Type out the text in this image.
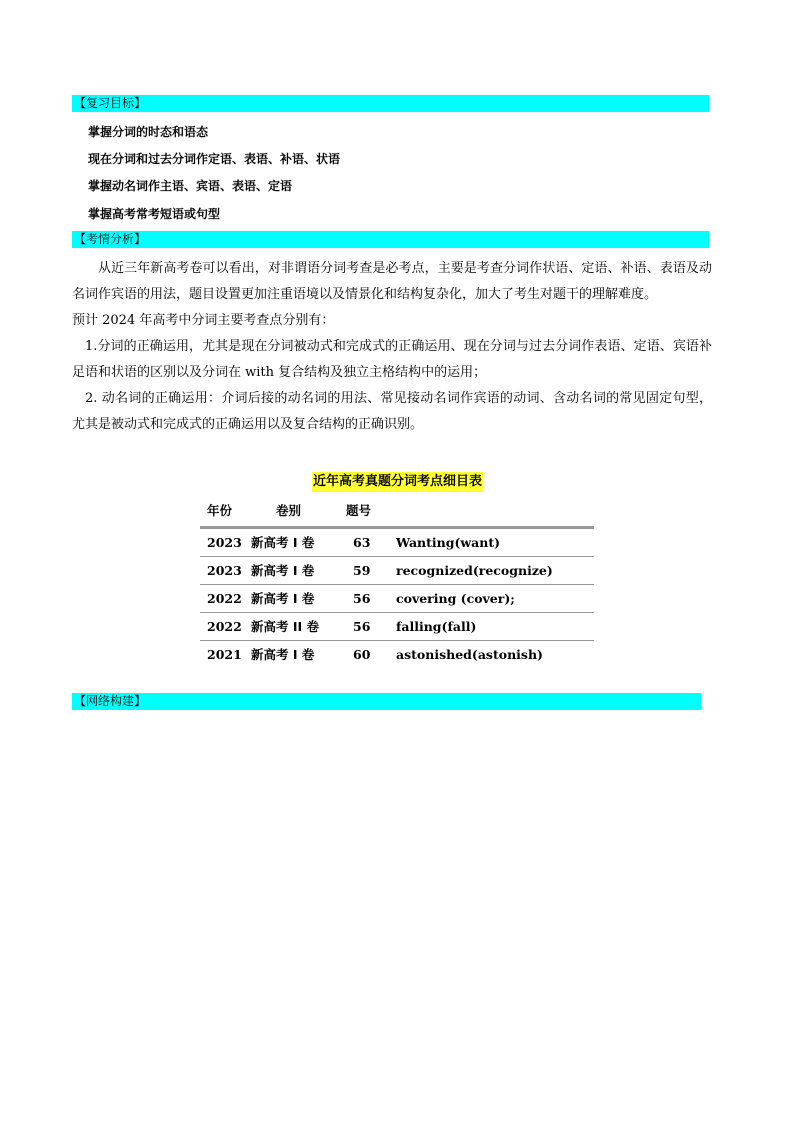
【复习目标】
掌握分词的时态和语态
现在分词和过去分词作定语、表语、补语、状语
掌握动名词作主语、宾语、表语、定语
掌握高考常考短语或句型
【考情分析】

从近三年新高考卷可以看出，对非谓语分词考查是必考点，主要是考查分词作状语、定语、补语、表语及动名词作宾语的用法，题目设置更加注重语境以及情景化和结构复杂化，加大了考生对题干的理解难度。

预计 2024 年高考中分词主要考查点分别有：

1.分词的正确运用，尤其是现在分词被动式和完成式的正确运用、现在分词与过去分词作表语、定语、宾语补足语和状语的区别以及分词在 with 复合结构及独立主格结构中的运用；

2. 动名词的正确运用：介词后接的动名词的用法、常见接动名词作宾语的动词、含动名词的常见固定句型，尤其是被动式和完成式的正确运用以及复合结构的正确识别。

近年高考真题分词考点细目表
年份	卷别	题号
2023 新高考 I 卷	63 Wanting(want)
2023 新高考 I 卷	59 recognized(recognize)
2022 新高考 I 卷	56 covering (cover);
2022 新高考 II 卷	56 falling(fall)
2021 新高考 I 卷	60 astonished(astonish)
【网络构建】
